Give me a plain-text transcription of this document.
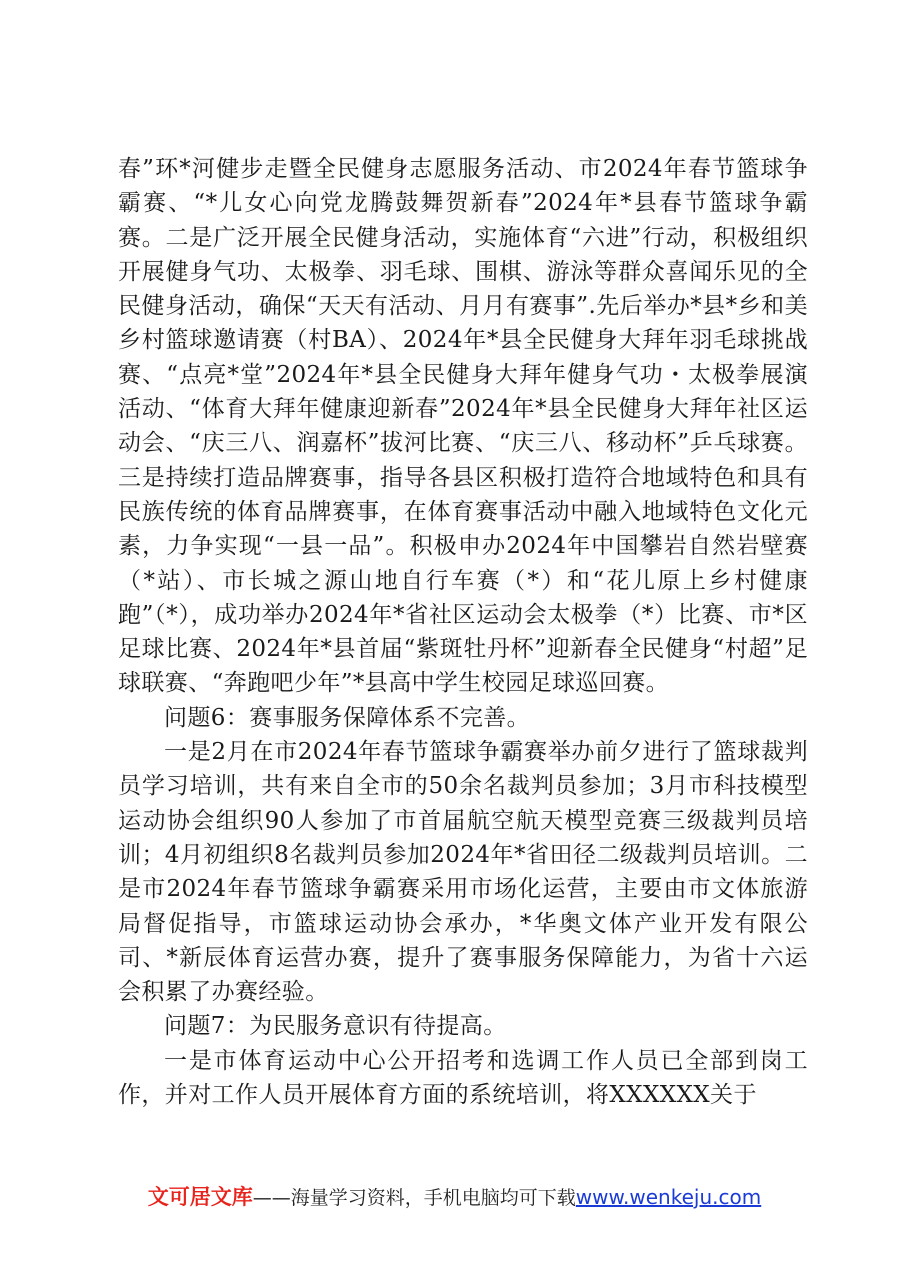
春”环*河健步走暨全民健身志愿服务活动、市2024年春节篮球争霸赛、“*儿女心向党龙腾鼓舞贺新春”2024年*县春节篮球争霸赛。二是广泛开展全民健身活动，实施体育“六进”行动，积极组织开展健身气功、太极拳、羽毛球、围棋、游泳等群众喜闻乐见的全民健身活动，确保“天天有活动、月月有赛事”.先后举办*县*乡和美乡村篮球邀请赛（村BA）、2024年*县全民健身大拜年羽毛球挑战赛、“点亮*堂”2024年*县全民健身大拜年健身气功・太极拳展演活动、“体育大拜年健康迎新春”2024年*县全民健身大拜年社区运动会、“庆三八、润嘉杯”拔河比赛、“庆三八、移动杯”乒乓球赛。三是持续打造品牌赛事，指导各县区积极打造符合地域特色和具有民族传统的体育品牌赛事，在体育赛事活动中融入地域特色文化元素，力争实现“一县一品”。积极申办2024年中国攀岩自然岩壁赛（*站）、市长城之源山地自行车赛（*）和“花儿原上乡村健康跑”（*），成功举办2024年*省社区运动会太极拳（*）比赛、市*区足球比赛、2024年*县首届“紫斑牡丹杯”迎新春全民健身“村超”足球联赛、“奔跑吧少年”*县高中学生校园足球巡回赛。

问题6：赛事服务保障体系不完善。

一是2月在市2024年春节篮球争霸赛举办前夕进行了篮球裁判员学习培训，共有来自全市的50余名裁判员参加；3月市科技模型运动协会组织90人参加了市首届航空航天模型竞赛三级裁判员培训；4月初组织8名裁判员参加2024年*省田径二级裁判员培训。二是市2024年春节篮球争霸赛采用市场化运营，主要由市文体旅游局督促指导，市篮球运动协会承办，*华奥文体产业开发有限公司、*新辰体育运营办赛，提升了赛事服务保障能力，为省十六运会积累了办赛经验。

问题7：为民服务意识有待提高。

一是市体育运动中心公开招考和选调工作人员已全部到岗工作，并对工作人员开展体育方面的系统培训，将XXXXXX关于

文可居文库——海量学习资料，手机电脑均可下载www.wenkeju.com
